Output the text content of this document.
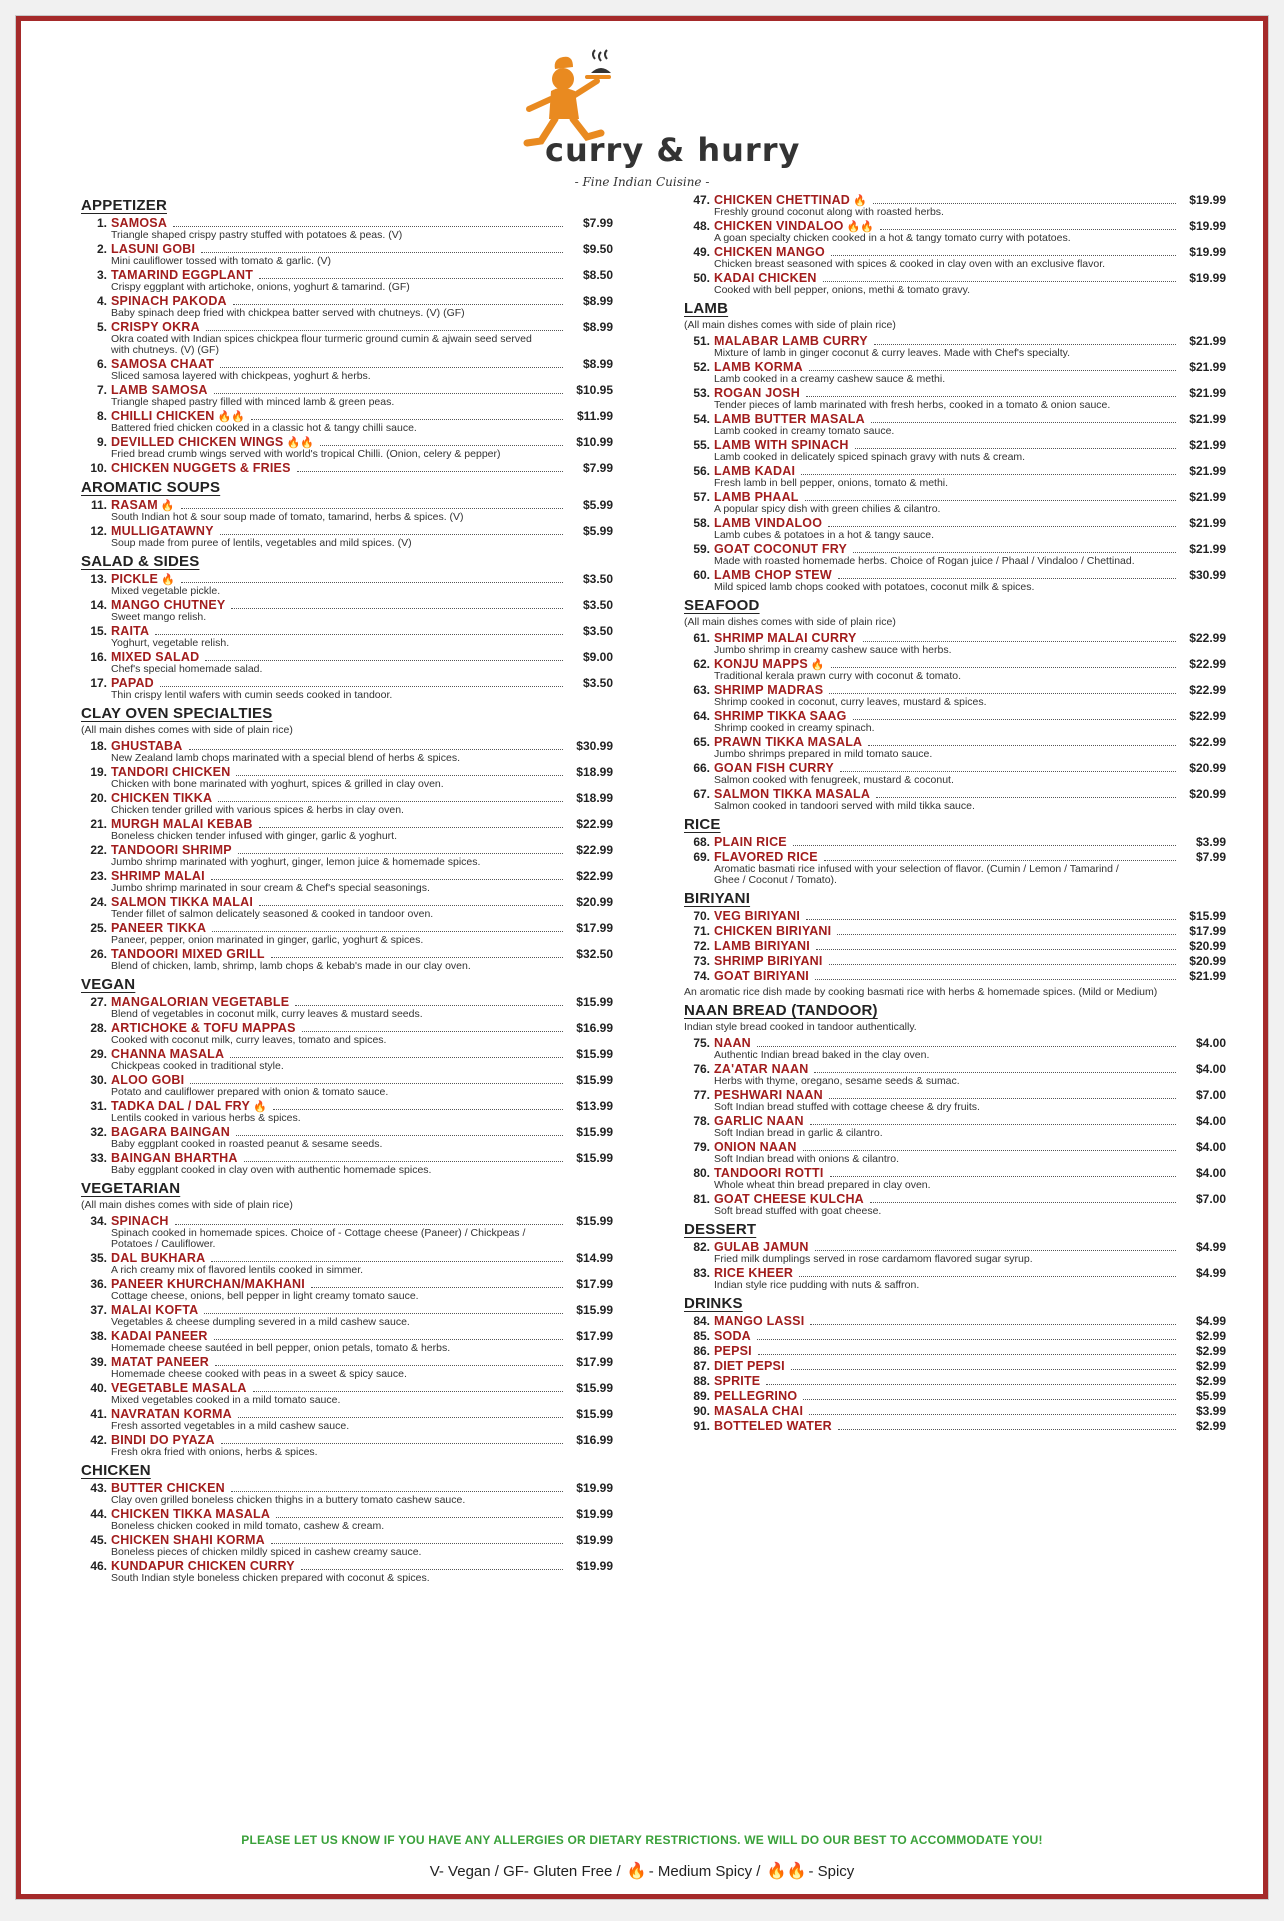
curry & hurry
- Fine Indian Cuisine -
APPETIZER
1. SAMOSA	$7.99
Triangle shaped crispy pastry stuffed with potatoes & peas. (V)
2. LASUNI GOBI	$9.50
Mini cauliflower tossed with tomato & garlic. (V)
3. TAMARIND EGGPLANT	$8.50
Crispy eggplant with artichoke, onions, yoghurt & tamarind. (GF)
4. SPINACH PAKODA	$8.99
Baby spinach deep fried with chickpea batter served with chutneys. (V) (GF)
5. CRISPY OKRA	$8.99
Okra coated with Indian spices chickpea flour turmeric ground cumin & ajwain seed served with chutneys. (V) (GF)
6. SAMOSA CHAAT	$8.99
Sliced samosa layered with chickpeas, yoghurt & herbs.
7. LAMB SAMOSA	$10.95
Triangle shaped pastry filled with minced lamb & green peas.
8. CHILLI CHICKEN 🔥🔥	$11.99
Battered fried chicken cooked in a classic hot & tangy chilli sauce.
9. DEVILLED CHICKEN WINGS 🔥🔥	$10.99
Fried bread crumb wings served with world's tropical Chilli. (Onion, celery & pepper)
10. CHICKEN NUGGETS & FRIES	$7.99
AROMATIC SOUPS
11. RASAM 🔥	$5.99
South Indian hot & sour soup made of tomato, tamarind, herbs & spices. (V)
12. MULLIGATAWNY	$5.99
Soup made from puree of lentils, vegetables and mild spices. (V)
SALAD & SIDES
13. PICKLE 🔥	$3.50
Mixed vegetable pickle.
14. MANGO CHUTNEY	$3.50
Sweet mango relish.
15. RAITA	$3.50
Yoghurt, vegetable relish.
16. MIXED SALAD	$9.00
Chef's special homemade salad.
17. PAPAD	$3.50
Thin crispy lentil wafers with cumin seeds cooked in tandoor.
CLAY OVEN SPECIALTIES
(All main dishes comes with side of plain rice)
18. GHUSTABA	$30.99
New Zealand lamb chops marinated with a special blend of herbs & spices.
19. TANDORI CHICKEN	$18.99
Chicken with bone marinated with yoghurt, spices & grilled in clay oven.
20. CHICKEN TIKKA	$18.99
Chicken tender grilled with various spices & herbs in clay oven.
21. MURGH MALAI KEBAB	$22.99
Boneless chicken tender infused with ginger, garlic & yoghurt.
22. TANDOORI SHRIMP	$22.99
Jumbo shrimp marinated with yoghurt, ginger, lemon juice & homemade spices.
23. SHRIMP MALAI	$22.99
Jumbo shrimp marinated in sour cream & Chef's special seasonings.
24. SALMON TIKKA MALAI	$20.99
Tender fillet of salmon delicately seasoned & cooked in tandoor oven.
25. PANEER TIKKA	$17.99
Paneer, pepper, onion marinated in ginger, garlic, yoghurt & spices.
26. TANDOORI MIXED GRILL	$32.50
Blend of chicken, lamb, shrimp, lamb chops & kebab's made in our clay oven.
VEGAN
27. MANGALORIAN VEGETABLE	$15.99
Blend of vegetables in coconut milk, curry leaves & mustard seeds.
28. ARTICHOKE & TOFU MAPPAS	$16.99
Cooked with coconut milk, curry leaves, tomato and spices.
29. CHANNA MASALA	$15.99
Chickpeas cooked in traditional style.
30. ALOO GOBI	$15.99
Potato and cauliflower prepared with onion & tomato sauce.
31. TADKA DAL / DAL FRY 🔥	$13.99
Lentils cooked in various herbs & spices.
32. BAGARA BAINGAN	$15.99
Baby eggplant cooked in roasted peanut & sesame seeds.
33. BAINGAN BHARTHA	$15.99
Baby eggplant cooked in clay oven with authentic homemade spices.
VEGETARIAN
(All main dishes comes with side of plain rice)
34. SPINACH	$15.99
Spinach cooked in homemade spices. Choice of - Cottage cheese (Paneer) / Chickpeas / Potatoes / Cauliflower.
35. DAL BUKHARA	$14.99
A rich creamy mix of flavored lentils cooked in simmer.
36. PANEER KHURCHAN/MAKHANI	$17.99
Cottage cheese, onions, bell pepper in light creamy tomato sauce.
37. MALAI KOFTA	$15.99
Vegetables & cheese dumpling severed in a mild cashew sauce.
38. KADAI PANEER	$17.99
Homemade cheese sautéed in bell pepper, onion petals, tomato & herbs.
39. MATAT PANEER	$17.99
Homemade cheese cooked with peas in a sweet & spicy sauce.
40. VEGETABLE MASALA	$15.99
Mixed vegetables cooked in a mild tomato sauce.
41. NAVRATAN KORMA	$15.99
Fresh assorted vegetables in a mild cashew sauce.
42. BINDI DO PYAZA	$16.99
Fresh okra fried with onions, herbs & spices.
CHICKEN
43. BUTTER CHICKEN	$19.99
Clay oven grilled boneless chicken thighs in a buttery tomato cashew sauce.
44. CHICKEN TIKKA MASALA	$19.99
Boneless chicken cooked in mild tomato, cashew & cream.
45. CHICKEN SHAHI KORMA	$19.99
Boneless pieces of chicken mildly spiced in cashew creamy sauce.
46. KUNDAPUR CHICKEN CURRY	$19.99
South Indian style boneless chicken prepared with coconut & spices.
47. CHICKEN CHETTINAD 🔥	$19.99
Freshly ground coconut along with roasted herbs.
48. CHICKEN VINDALOO 🔥🔥	$19.99
A goan specialty chicken cooked in a hot & tangy tomato curry with potatoes.
49. CHICKEN MANGO	$19.99
Chicken breast seasoned with spices & cooked in clay oven with an exclusive flavor.
50. KADAI CHICKEN	$19.99
Cooked with bell pepper, onions, methi & tomato gravy.
LAMB
(All main dishes comes with side of plain rice)
51. MALABAR LAMB CURRY	$21.99
Mixture of lamb in ginger coconut & curry leaves. Made with Chef's specialty.
52. LAMB KORMA	$21.99
Lamb cooked in a creamy cashew sauce & methi.
53. ROGAN JOSH	$21.99
Tender pieces of lamb marinated with fresh herbs, cooked in a tomato & onion sauce.
54. LAMB BUTTER MASALA	$21.99
Lamb cooked in creamy tomato sauce.
55. LAMB WITH SPINACH	$21.99
Lamb cooked in delicately spiced spinach gravy with nuts & cream.
56. LAMB KADAI	$21.99
Fresh lamb in bell pepper, onions, tomato & methi.
57. LAMB PHAAL	$21.99
A popular spicy dish with green chilies & cilantro.
58. LAMB VINDALOO	$21.99
Lamb cubes & potatoes in a hot & tangy sauce.
59. GOAT COCONUT FRY	$21.99
Made with roasted homemade herbs. Choice of Rogan juice / Phaal / Vindaloo / Chettinad.
60. LAMB CHOP STEW	$30.99
Mild spiced lamb chops cooked with potatoes, coconut milk & spices.
SEAFOOD
(All main dishes comes with side of plain rice)
61. SHRIMP MALAI CURRY	$22.99
Jumbo shrimp in creamy cashew sauce with herbs.
62. KONJU MAPPS 🔥	$22.99
Traditional kerala prawn curry with coconut & tomato.
63. SHRIMP MADRAS	$22.99
Shrimp cooked in coconut, curry leaves, mustard & spices.
64. SHRIMP TIKKA SAAG	$22.99
Shrimp cooked in creamy spinach.
65. PRAWN TIKKA MASALA	$22.99
Jumbo shrimps prepared in mild tomato sauce.
66. GOAN FISH CURRY	$20.99
Salmon cooked with fenugreek, mustard & coconut.
67. SALMON TIKKA MASALA	$20.99
Salmon cooked in tandoori served with mild tikka sauce.
RICE
68. PLAIN RICE	$3.99
69. FLAVORED RICE	$7.99
Aromatic basmati rice infused with your selection of flavor. (Cumin / Lemon / Tamarind / Ghee / Coconut / Tomato).
BIRIYANI
70. VEG BIRIYANI	$15.99
71. CHICKEN BIRIYANI	$17.99
72. LAMB BIRIYANI	$20.99
73. SHRIMP BIRIYANI	$20.99
74. GOAT BIRIYANI	$21.99
An aromatic rice dish made by cooking basmati rice with herbs & homemade spices. (Mild or Medium)
NAAN BREAD (TANDOOR)
Indian style bread cooked in tandoor authentically.
75. NAAN	$4.00
Authentic Indian bread baked in the clay oven.
76. ZA'ATAR NAAN	$4.00
Herbs with thyme, oregano, sesame seeds & sumac.
77. PESHWARI NAAN	$7.00
Soft Indian bread stuffed with cottage cheese & dry fruits.
78. GARLIC NAAN	$4.00
Soft Indian bread in garlic & cilantro.
79. ONION NAAN	$4.00
Soft Indian bread with onions & cilantro.
80. TANDOORI ROTTI	$4.00
Whole wheat thin bread prepared in clay oven.
81. GOAT CHEESE KULCHA	$7.00
Soft bread stuffed with goat cheese.
DESSERT
82. GULAB JAMUN	$4.99
Fried milk dumplings served in rose cardamom flavored sugar syrup.
83. RICE KHEER	$4.99
Indian style rice pudding with nuts & saffron.
DRINKS
84. MANGO LASSI	$4.99
85. SODA	$2.99
86. PEPSI	$2.99
87. DIET PEPSI	$2.99
88. SPRITE	$2.99
89. PELLEGRINO	$5.99
90. MASALA CHAI	$3.99
91. BOTTELED WATER	$2.99
PLEASE LET US KNOW IF YOU HAVE ANY ALLERGIES OR DIETARY RESTRICTIONS. WE WILL DO OUR BEST TO ACCOMMODATE YOU!
V- Vegan / GF- Gluten Free / 🔥 - Medium Spicy / 🔥🔥 - Spicy
